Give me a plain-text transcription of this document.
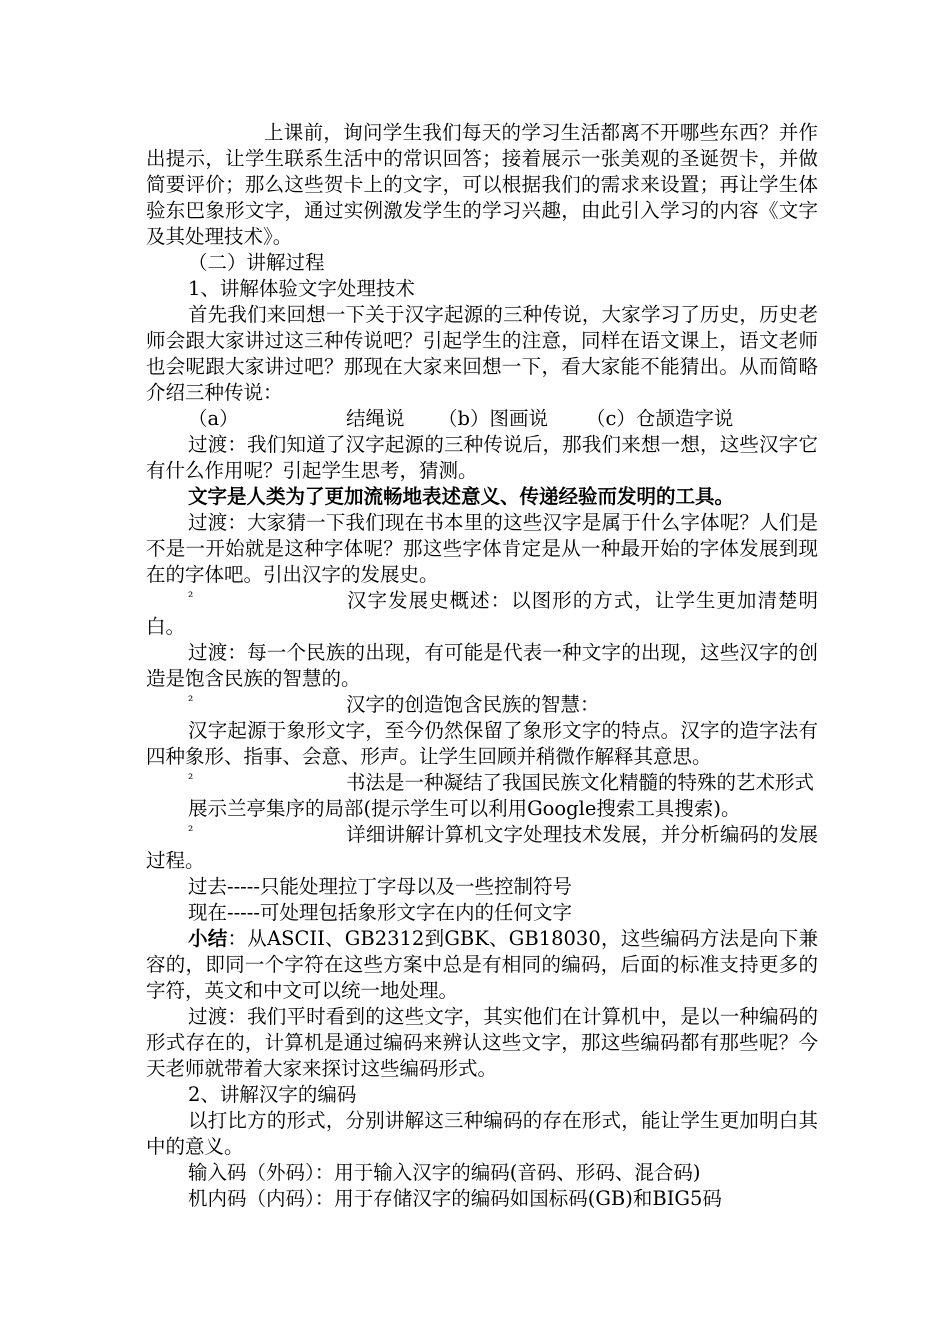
上课前，询问学生我们每天的学习生活都离不开哪些东西？并作出提示，让学生联系生活中的常识回答；接着展示一张美观的圣诞贺卡，并做简要评价；那么这些贺卡上的文字，可以根据我们的需求来设置；再让学生体验东巴象形文字，通过实例激发学生的学习兴趣，由此引入学习的内容《文字及其处理技术》。

（二）讲解过程

1、讲解体验文字处理技术

首先我们来回想一下关于汉字起源的三种传说，大家学习了历史，历史老师会跟大家讲过这三种传说吧？引起学生的注意，同样在语文课上，语文老师也会呢跟大家讲过吧？那现在大家来回想一下，看大家能不能猜出。从而简略介绍三种传说：

（a）	结绳说	（b）图画说	（c）仓颉造字说

过渡：我们知道了汉字起源的三种传说后，那我们来想一想，这些汉字它有什么作用呢？引起学生思考，猜测。

文字是人类为了更加流畅地表述意义、传递经验而发明的工具。

过渡：大家猜一下我们现在书本里的这些汉字是属于什么字体呢？人们是不是一开始就是这种字体呢？那这些字体肯定是从一种最开始的字体发展到现在的字体吧。引出汉字的发展史。

²	汉字发展史概述：以图形的方式，让学生更加清楚明白。

过渡：每一个民族的出现，有可能是代表一种文字的出现，这些汉字的创造是饱含民族的智慧的。

²	汉字的创造饱含民族的智慧：

汉字起源于象形文字，至今仍然保留了象形文字的特点。汉字的造字法有四种象形、指事、会意、形声。让学生回顾并稍微作解释其意思。

²	书法是一种凝结了我国民族文化精髓的特殊的艺术形式

展示兰亭集序的局部(提示学生可以利用Google搜索工具搜索)。

²	详细讲解计算机文字处理技术发展，并分析编码的发展过程。

过去-----只能处理拉丁字母以及一些控制符号

现在-----可处理包括象形文字在内的任何文字

小结：从ASCII、GB2312到GBK、GB18030，这些编码方法是向下兼容的，即同一个字符在这些方案中总是有相同的编码，后面的标准支持更多的字符，英文和中文可以统一地处理。

过渡：我们平时看到的这些文字，其实他们在计算机中，是以一种编码的形式存在的，计算机是通过编码来辨认这些文字，那这些编码都有那些呢？今天老师就带着大家来探讨这些编码形式。

2、讲解汉字的编码

以打比方的形式，分别讲解这三种编码的存在形式，能让学生更加明白其中的意义。

输入码（外码）：用于输入汉字的编码(音码、形码、混合码)

机内码（内码）：用于存储汉字的编码如国标码(GB)和BIG5码
